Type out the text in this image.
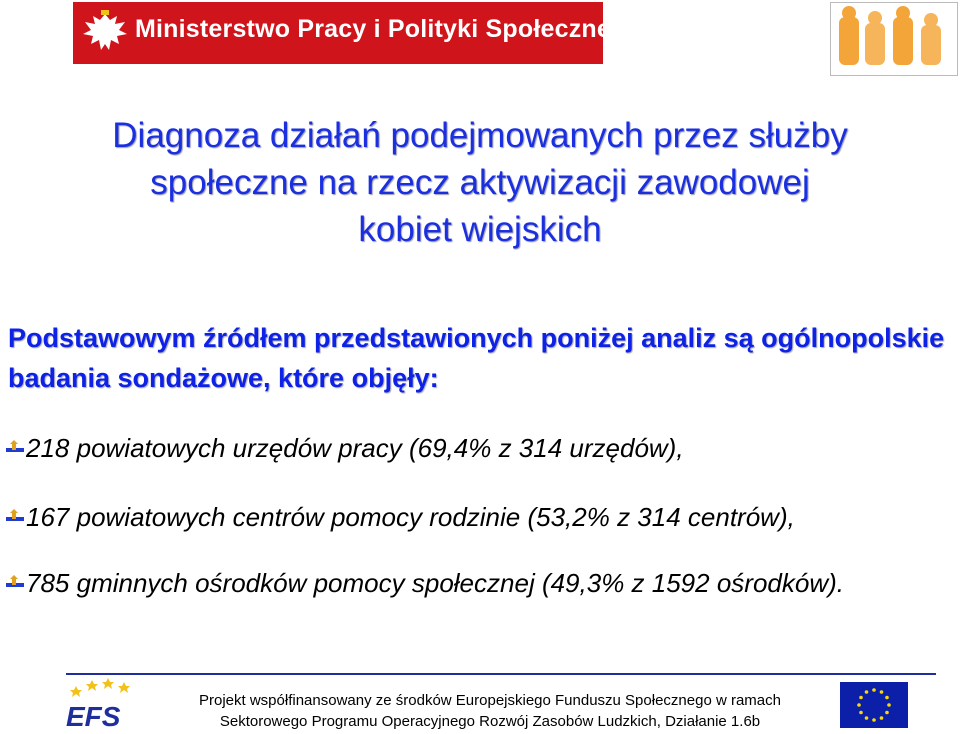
Ministerstwo Pracy i Polityki Społecznej
Diagnoza działań podejmowanych przez służby
społeczne na rzecz aktywizacji zawodowej
kobiet wiejskich
Podstawowym źródłem przedstawionych poniżej analiz są ogólnopolskie badania sondażowe, które objęły:
218 powiatowych urzędów pracy (69,4% z 314 urzędów),
167 powiatowych centrów pomocy rodzinie (53,2% z 314 centrów),
785 gminnych ośrodków pomocy społecznej (49,3% z 1592 ośrodków).
EFS
Projekt współfinansowany ze środków Europejskiego Funduszu Społecznego w ramach
Sektorowego Programu Operacyjnego Rozwój Zasobów Ludzkich, Działanie 1.6b
